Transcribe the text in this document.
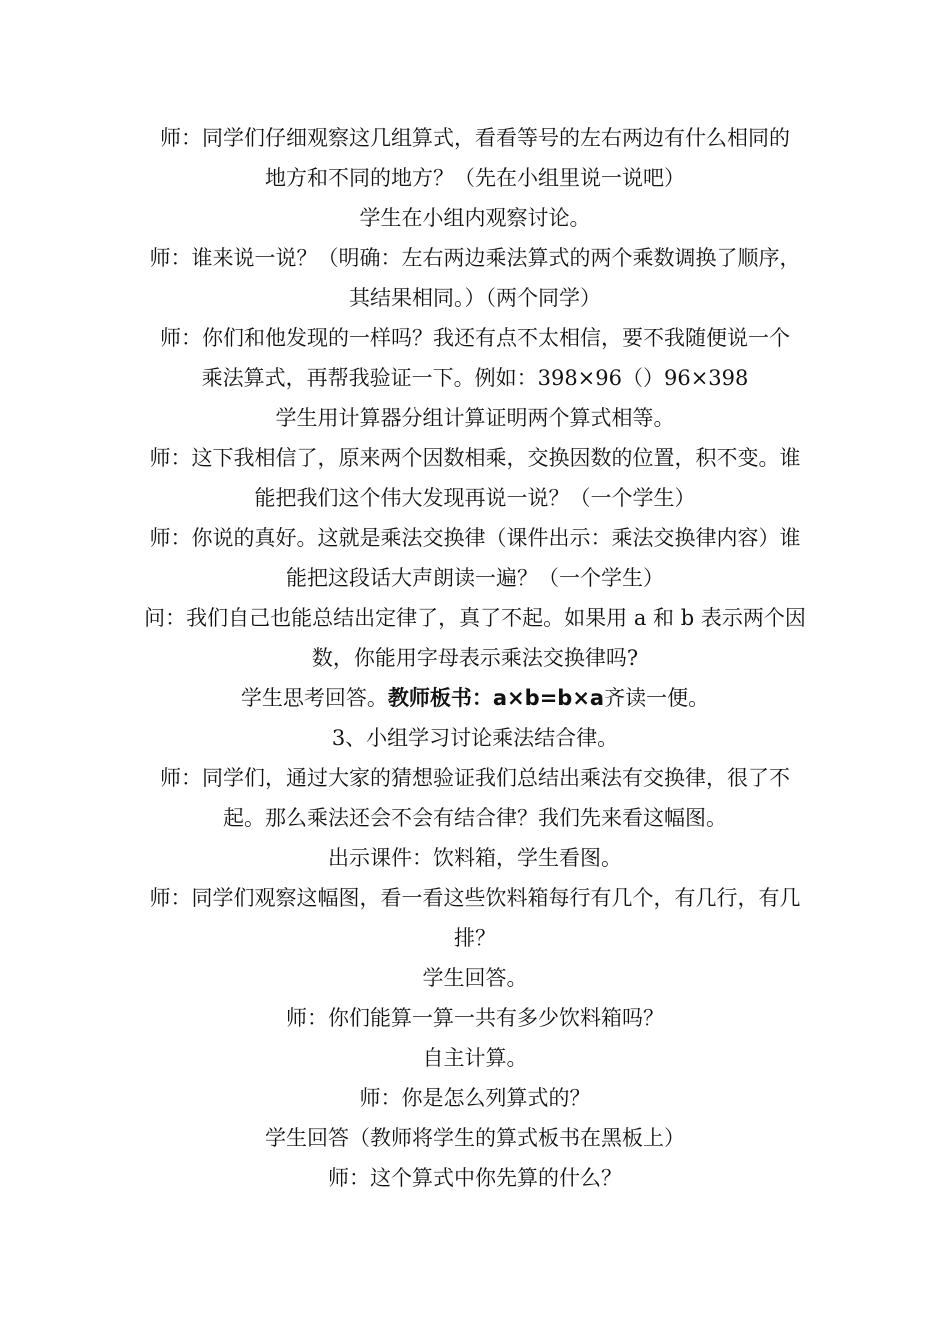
师：同学们仔细观察这几组算式，看看等号的左右两边有什么相同的
地方和不同的地方？（先在小组里说一说吧）
学生在小组内观察讨论。
师：谁来说一说？（明确：左右两边乘法算式的两个乘数调换了顺序，
其结果相同。）（两个同学）
师：你们和他发现的一样吗？我还有点不太相信，要不我随便说一个
乘法算式，再帮我验证一下。例如：398×96（）96×398
学生用计算器分组计算证明两个算式相等。
师：这下我相信了，原来两个因数相乘，交换因数的位置，积不变。谁
能把我们这个伟大发现再说一说？（一个学生）
师：你说的真好。这就是乘法交换律（课件出示：乘法交换律内容）谁
能把这段话大声朗读一遍？（一个学生）
问：我们自己也能总结出定律了，真了不起。如果用 a 和 b 表示两个因
数，你能用字母表示乘法交换律吗?
学生思考回答。教师板书：a×b=b×a齐读一便。
3、小组学习讨论乘法结合律。
师：同学们，通过大家的猜想验证我们总结出乘法有交换律，很了不
起。那么乘法还会不会有结合律？我们先来看这幅图。
出示课件：饮料箱，学生看图。
师：同学们观察这幅图，看一看这些饮料箱每行有几个，有几行，有几
排？
学生回答。
师：你们能算一算一共有多少饮料箱吗？
自主计算。
师：你是怎么列算式的？
学生回答（教师将学生的算式板书在黑板上）
师：这个算式中你先算的什么？
